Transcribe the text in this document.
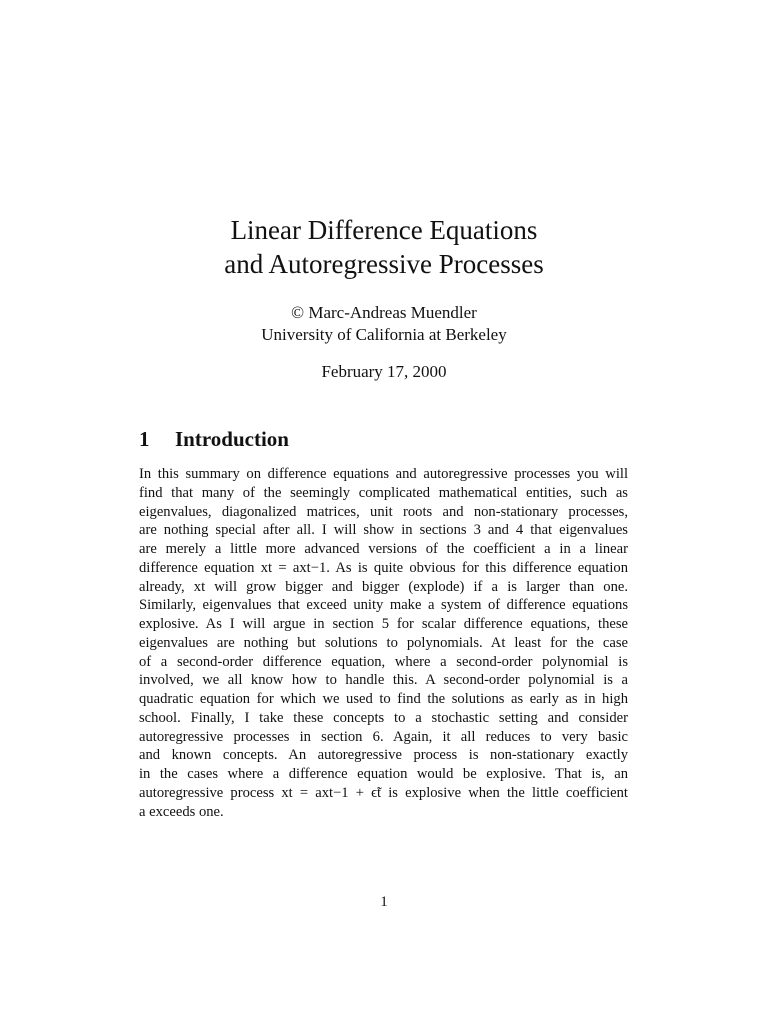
Linear Difference Equations
and Autoregressive Processes
© Marc-Andreas Muendler
University of California at Berkeley
February 17, 2000
1 Introduction
In this summary on difference equations and autoregressive processes you will
find that many of the seemingly complicated mathematical entities, such as
eigenvalues, diagonalized matrices, unit roots and non-stationary processes,
are nothing special after all. I will show in sections 3 and 4 that eigenvalues
are merely a little more advanced versions of the coefficient a in a linear
difference equation xt = axt−1. As is quite obvious for this difference equation
already, xt will grow bigger and bigger (explode) if a is larger than one.
Similarly, eigenvalues that exceed unity make a system of difference equations
explosive. As I will argue in section 5 for scalar difference equations, these
eigenvalues are nothing but solutions to polynomials. At least for the case
of a second-order difference equation, where a second-order polynomial is
involved, we all know how to handle this. A second-order polynomial is a
quadratic equation for which we used to find the solutions as early as in high
school. Finally, I take these concepts to a stochastic setting and consider
autoregressive processes in section 6. Again, it all reduces to very basic
and known concepts. An autoregressive process is non-stationary exactly
in the cases where a difference equation would be explosive. That is, an
autoregressive process xt = axt−1 + ϵ̃t is explosive when the little coefficient
a exceeds one.
1
